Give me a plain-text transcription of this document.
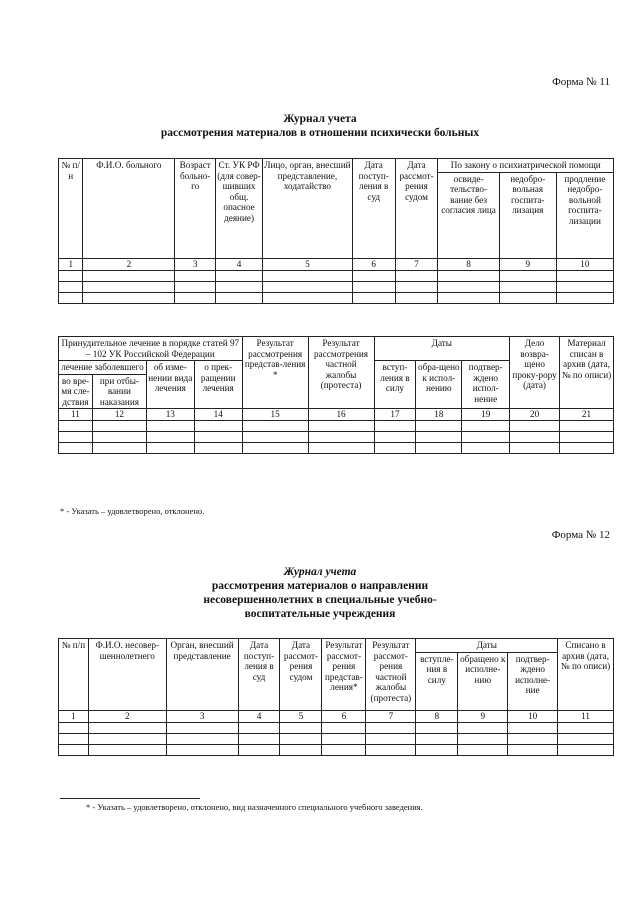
Форма № 11
Журнал учета
рассмотрения материалов в отношении психически больных
№ п/н	Ф.И.О. больного	Возраст больно-го	Ст. УК РФ (для совер-шивших общ. опасное деяние)	Лицо, орган, внесший представление, ходатайство	Дата поступ-ления в суд	Дата рассмот-рения судом	По закону о психиатрической помощи		
							освиде-тельство-вание без согласия лица	недобро-вольная госпита-лизация	продление недобро-вольной госпита-лизации
1	2	3	4	5	6	7	8	9	10

Принудительное лечение в порядке статей 97 – 102 УК Российской Федерации				Результат рассмотрения представ-ления *	Результат рассмотрения частной жалобы (протеста)	Даты			Дело возвра-щено проку-рору (дата)	Материал списан в архив (дата, № по описи)
лечение заболевшего		об изме-нении вида лечения	о прек-ращении лечения			вступ-ления в силу	обра-щено к испол-нению	подтвер-ждено испол-нение		
во вре-мя сле-дствия	при отбы-вании наказания									
11	12	13	14	15	16	17	18	19	20	21

* - Указать – удовлетворено, отклонено.
Форма № 12
Журнал учета
рассмотрения материалов о направлении
несовершеннолетних в специальные учебно-
воспитательные учреждения
№ п/п	Ф.И.О. несовер-шеннолетнего	Орган, внесший представление	Дата поступ-ления в суд	Дата рассмот-рения судом	Результат рассмот-рения представ-ления*	Результат рассмот-рения частной жалобы (протеста)	Даты			Списано в архив (дата, № по описи)
							вступле-ния в силу	обращено к исполне-нию	подтвер-ждено исполне-ние	
1	2	3	4	5	6	7	8	9	10	11

* - Указать – удовлетворено, отклонено, вид назначенного специального учебного заведения.
